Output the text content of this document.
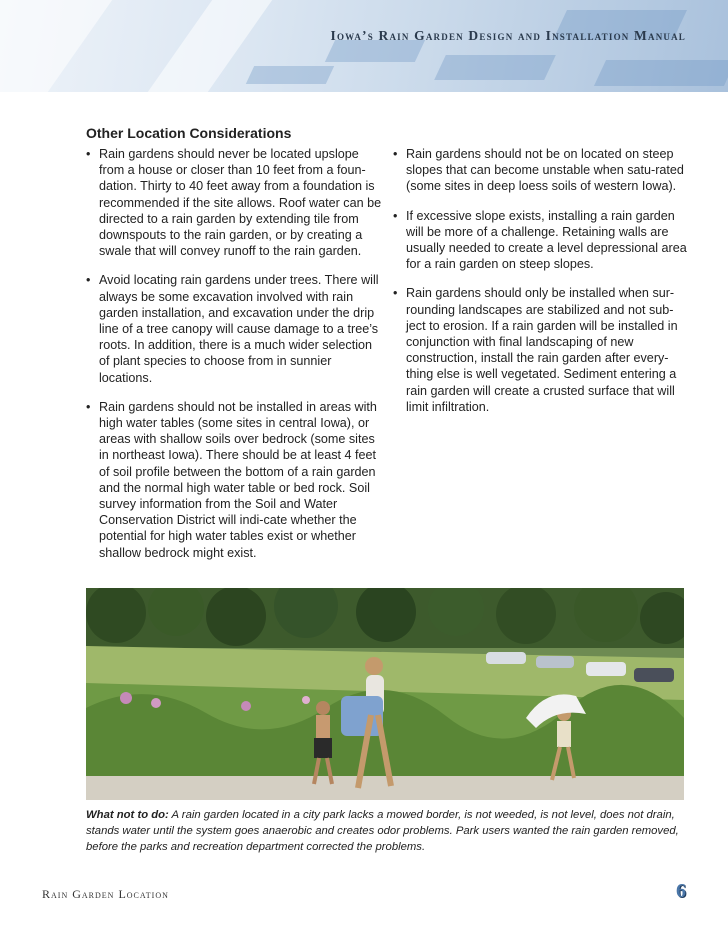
Iowa’s Rain Garden Design and Installation Manual
Other Location Considerations
• Rain gardens should never be located upslope from a house or closer than 10 feet from a foun-dation. Thirty to 40 feet away from a foundation is recommended if the site allows. Roof water can be directed to a rain garden by extending tile from downspouts to the rain garden, or by creating a swale that will convey runoff to the rain garden.
• Avoid locating rain gardens under trees. There will always be some excavation involved with rain garden installation, and excavation under the drip line of a tree canopy will cause damage to a tree’s roots. In addition, there is a much wider selection of plant species to choose from in sunnier locations.
• Rain gardens should not be installed in areas with high water tables (some sites in central Iowa), or areas with shallow soils over bedrock (some sites in northeast Iowa). There should be at least 4 feet of soil profile between the bottom of a rain garden and the normal high water table or bed rock. Soil survey information from the Soil and Water Conservation District will indi-cate whether the potential for high water tables exist or whether shallow bedrock might exist.
• Rain gardens should not be on located on steep slopes that can become unstable when satu-rated (some sites in deep loess soils of western Iowa).
• If excessive slope exists, installing a rain garden will be more of a challenge. Retaining walls are usually needed to create a level depressional area for a rain garden on steep slopes.
• Rain gardens should only be installed when sur-rounding landscapes are stabilized and not sub-ject to erosion. If a rain garden will be installed in conjunction with final landscaping of new construction, install the rain garden after every-thing else is well vegetated. Sediment entering a rain garden will create a crusted surface that will limit infiltration.
What not to do: A rain garden located in a city park lacks a mowed border, is not weeded, is not level, does not drain, stands water until the system goes anaerobic and creates odor problems. Park users wanted the rain garden removed, before the parks and recreation department corrected the problems.
Rain Garden Location	6
